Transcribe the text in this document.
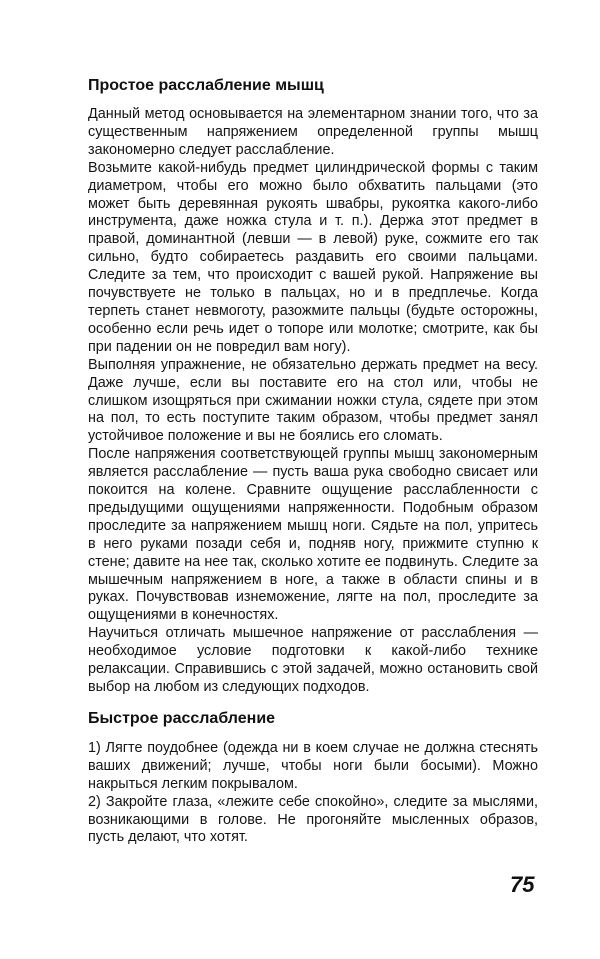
Простое расслабление мышц

Данный метод основывается на элементарном знании того, что за существенным напряжением определенной группы мышц закономерно следует расслабление.

Возьмите какой-нибудь предмет цилиндрической формы с таким диаметром, чтобы его можно было обхватить пальцами (это может быть деревянная рукоять швабры, рукоятка какого-либо инструмента, даже ножка стула и т. п.). Держа этот предмет в правой, доминантной (левши — в левой) руке, сожмите его так сильно, будто собираетесь раздавить его своими пальцами. Следите за тем, что происходит с вашей рукой. Напряжение вы почувствуете не только в пальцах, но и в предплечье. Когда терпеть станет невмоготу, разожмите пальцы (будьте осторожны, особенно если речь идет о топоре или молотке; смотрите, как бы при падении он не повредил вам ногу).

Выполняя упражнение, не обязательно держать предмет на весу. Даже лучше, если вы поставите его на стол или, чтобы не слишком изощряться при сжимании ножки стула, сядете при этом на пол, то есть поступите таким образом, чтобы предмет занял устойчивое положение и вы не боялись его сломать.

После напряжения соответствующей группы мышц закономерным является расслабление — пусть ваша рука свободно свисает или покоится на колене. Сравните ощущение расслабленности с предыдущими ощущениями напряженности. Подобным образом проследите за напряжением мышц ноги. Сядьте на пол, упритесь в него руками позади себя и, подняв ногу, прижмите ступню к стене; давите на нее так, сколько хотите ее подвинуть. Следите за мышечным напряжением в ноге, а также в области спины и в руках. Почувствовав изнеможение, лягте на пол, проследите за ощущениями в конечностях.

Научиться отличать мышечное напряжение от расслабления — необходимое условие подготовки к какой-либо технике релаксации. Справившись с этой задачей, можно остановить свой выбор на любом из следующих подходов.

Быстрое расслабление

1) Лягте поудобнее (одежда ни в коем случае не должна стеснять ваших движений; лучше, чтобы ноги были босыми). Можно накрыться легким покрывалом.

2) Закройте глаза, «лежите себе спокойно», следите за мыслями, возникающими в голове. Не прогоняйте мысленных образов, пусть делают, что хотят.

75
